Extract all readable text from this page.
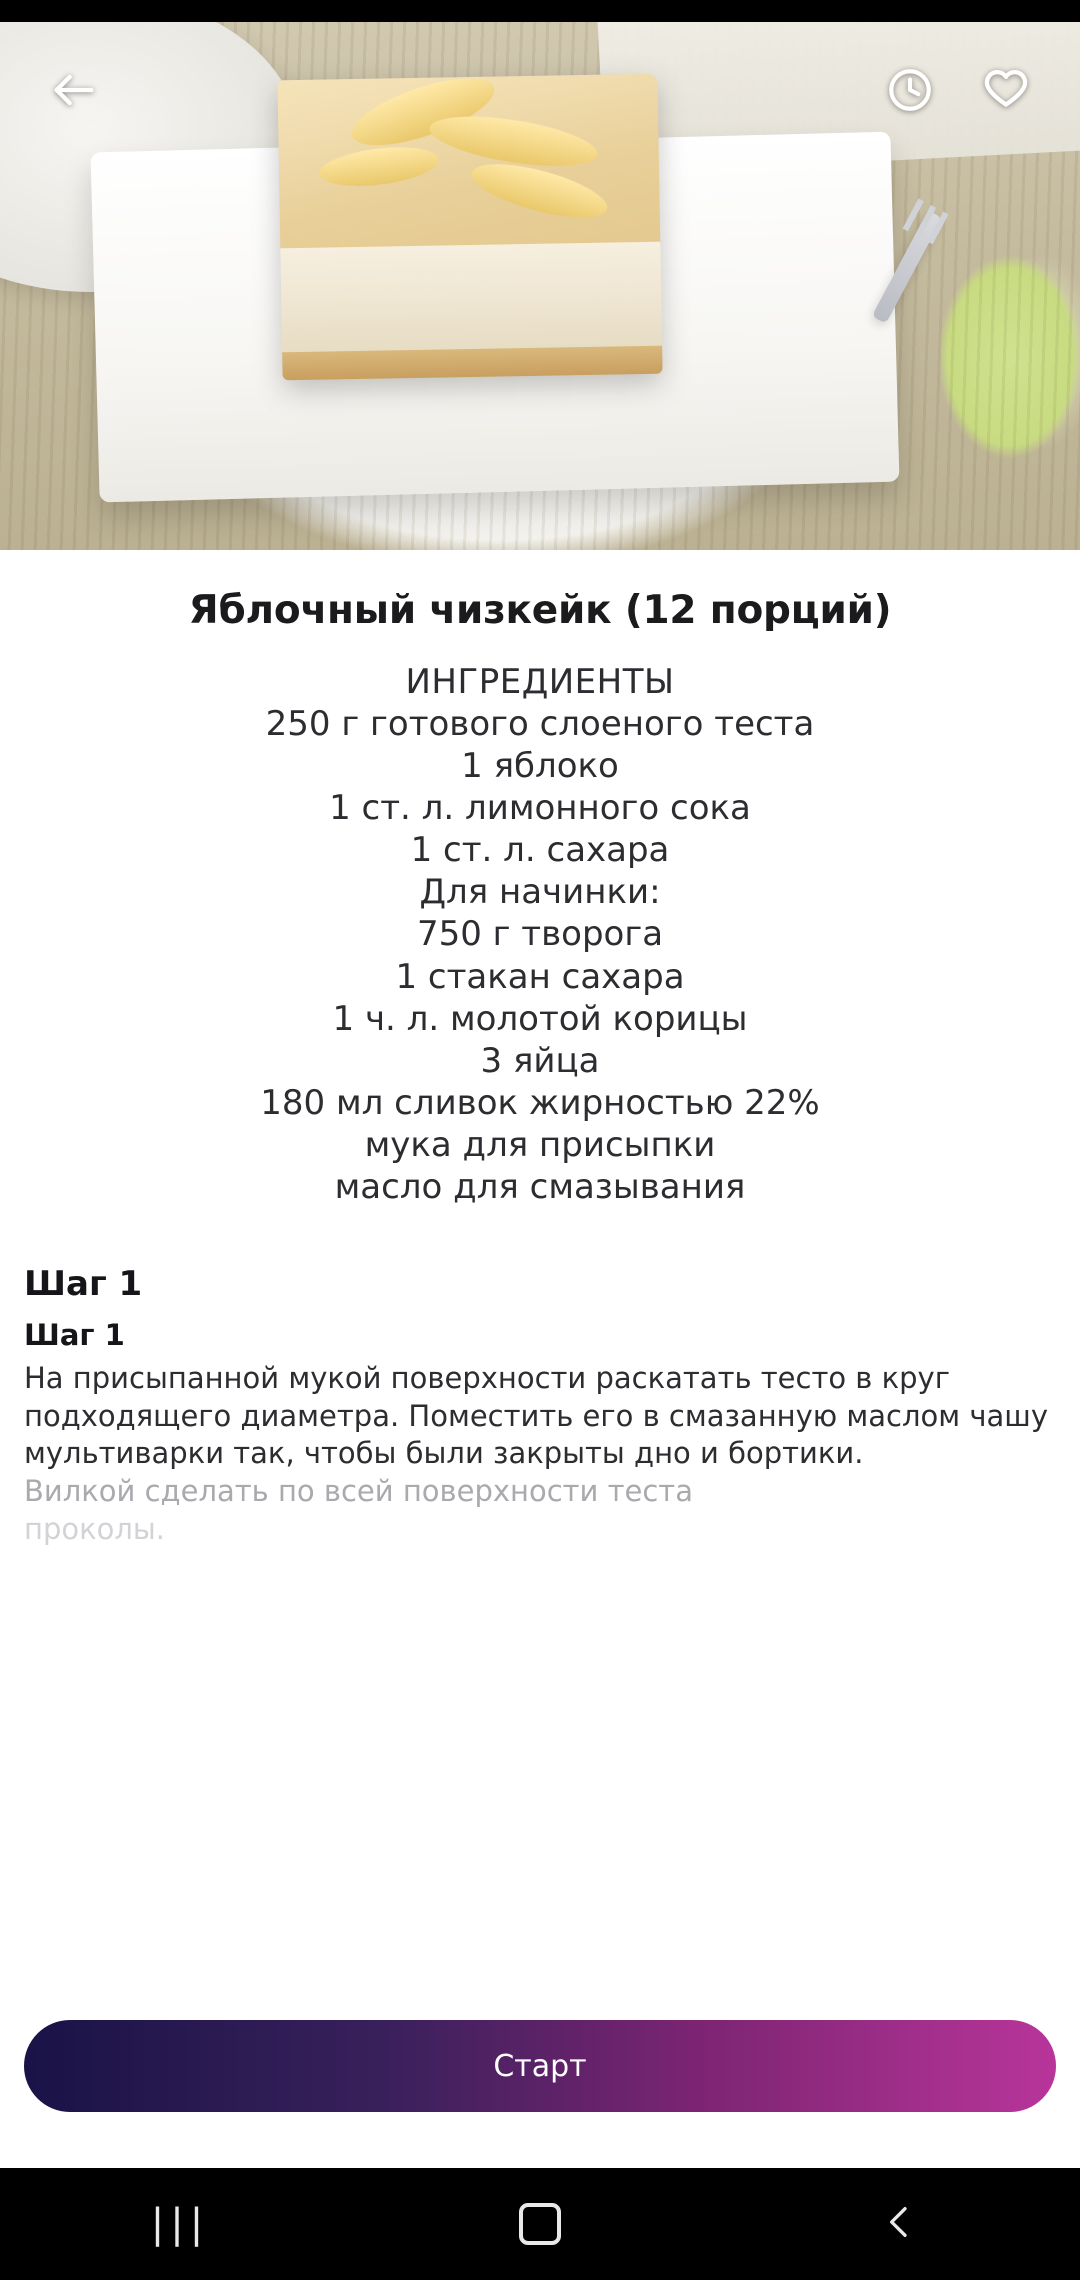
Яблочный чизкейк (12 порций)
ИНГРЕДИЕНТЫ
250 г готового слоеного теста
1 яблоко
1 ст. л. лимонного сока
1 ст. л. сахара
Для начинки:
750 г творога
1 стакан сахара
1 ч. л. молотой корицы
3 яйца
180 мл сливок жирностью 22%
мука для присыпки
масло для смазывания
Шаг 1
Шаг 1
На присыпанной мукой поверхности раскатать тесто в круг подходящего диаметра. Поместить его в смазанную маслом чашу мультиварки так, чтобы были закрыты дно и бортики.
Вилкой сделать по всей поверхности теста
проколы.
Старт
|||
